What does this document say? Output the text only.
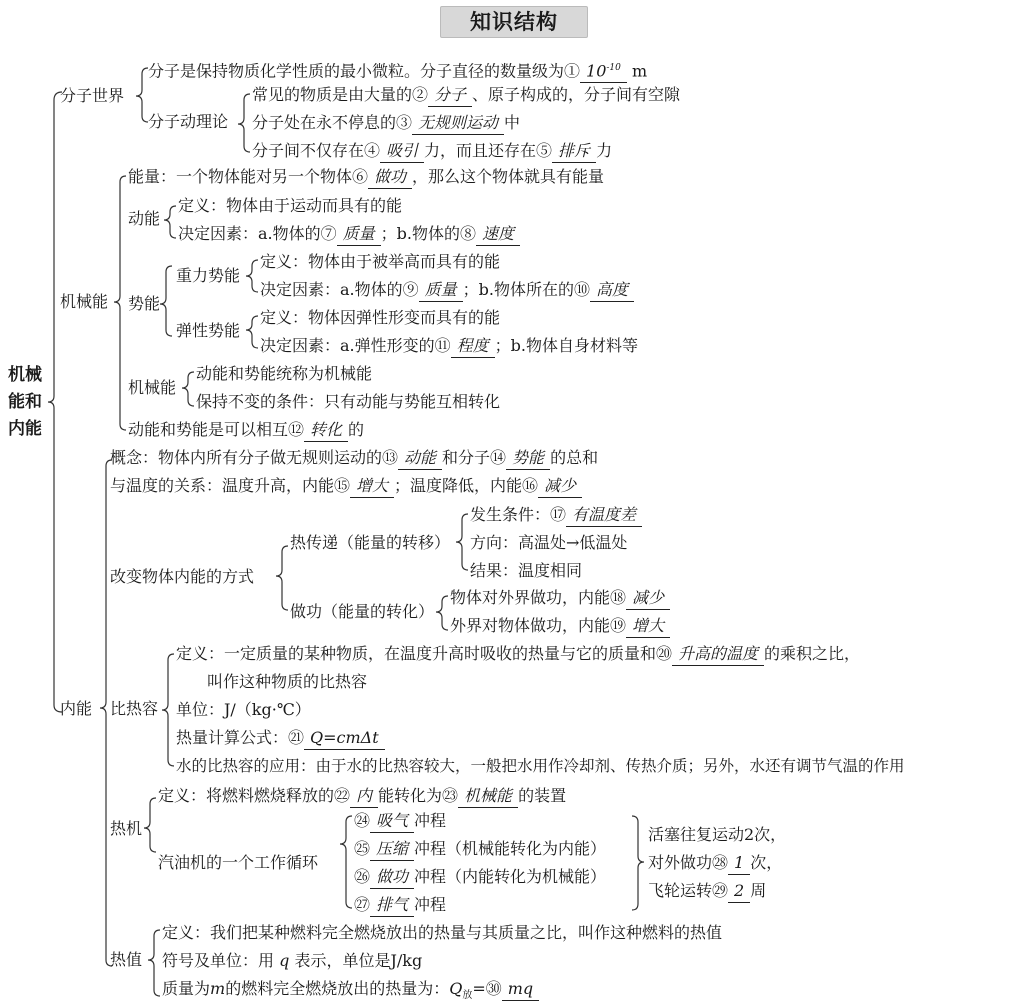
知识结构
机械
能和
内能
分子世界
分子是保持物质化学性质的最小微粒。分子直径的数量级为① $10^{-10}$ m
分子动理论
常见的物质是由大量的② 分子 、原子构成的，分子间有空隙
分子处在永不停息的③ 无规则运动 中
分子间不仅存在④ 吸引 力，而且还存在⑤ 排斥 力
机械能
能量：一个物体能对另一个物体⑥ 做功 ，那么这个物体就具有能量
动能
定义：物体由于运动而具有的能
决定因素：a.物体的⑦ 质量 ；b.物体的⑧ 速度
势能
重力势能
定义：物体由于被举高而具有的能
决定因素：a.物体的⑨ 质量 ；b.物体所在的⑩ 高度
弹性势能
定义：物体因弹性形变而具有的能
决定因素：a.弹性形变的⑪ 程度 ；b.物体自身材料等
机械能
动能和势能统称为机械能
保持不变的条件：只有动能与势能互相转化
动能和势能是可以相互⑫ 转化 的
内能
概念：物体内所有分子做无规则运动的⑬ 动能 和分子⑭ 势能 的总和
与温度的关系：温度升高，内能⑮ 增大 ；温度降低，内能⑯ 减少
改变物体内能的方式
热传递（能量的转移）
发生条件：⑰ 有温度差
方向：高温处→低温处
结果：温度相同
做功（能量的转化）
物体对外界做功，内能⑱ 减少
外界对物体做功，内能⑲ 增大
比热容
定义：一定质量的某种物质，在温度升高时吸收的热量与它的质量和⑳ 升高的温度 的乘积之比，
叫作这种物质的比热容
单位：J/（kg·℃）
热量计算公式：㉑ Q=cmΔt
水的比热容的应用：由于水的比热容较大，一般把水用作冷却剂、传热介质；另外，水还有调节气温的作用
热机
定义：将燃料燃烧释放的㉒ 内 能转化为㉓ 机械能 的装置
汽油机的一个工作循环
㉔ 吸气 冲程
㉕ 压缩 冲程（机械能转化为内能）
㉖ 做功 冲程（内能转化为机械能）
㉗ 排气 冲程
活塞往复运动2次，
对外做功㉘ 1 次，
飞轮运转㉙ 2 周
热值
定义：我们把某种燃料完全燃烧放出的热量与其质量之比，叫作这种燃料的热值
符号及单位：用 q 表示，单位是J/kg
质量为m的燃料完全燃烧放出的热量为：$Q_放=㉚$ mq
